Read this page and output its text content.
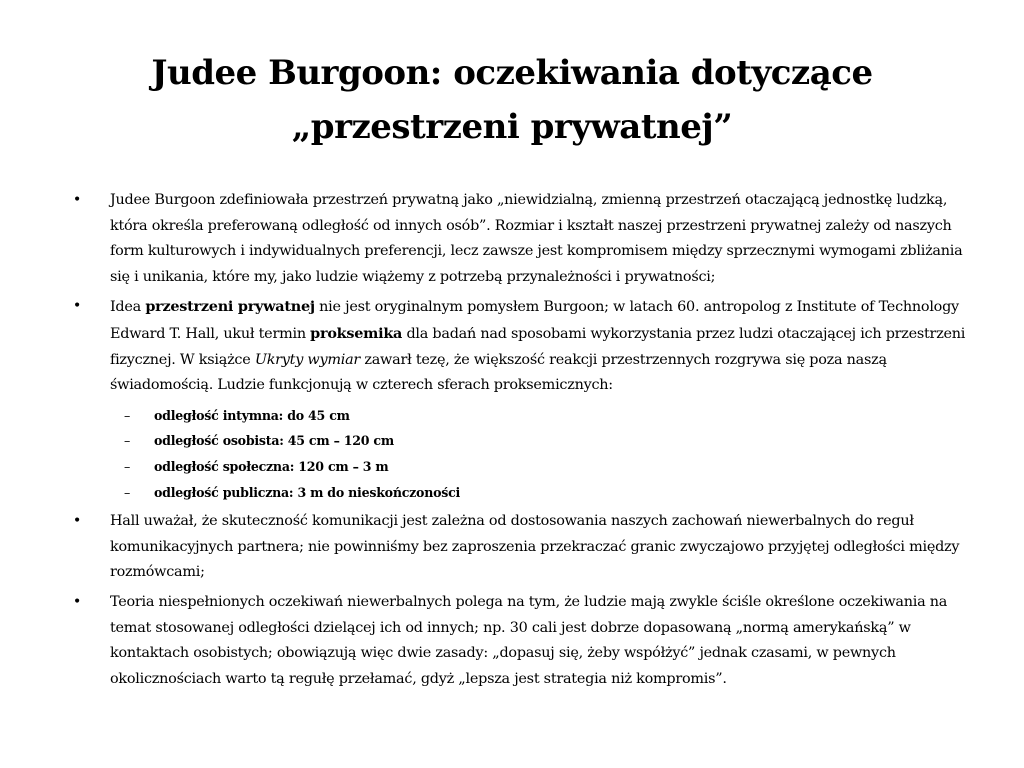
Judee Burgoon: oczekiwania dotyczące
„przestrzeni prywatnej”
• Judee Burgoon zdefiniowała przestrzeń prywatną jako „niewidzialną, zmienną przestrzeń otaczającą jednostkę ludzką, która określa preferowaną odległość od innych osób”. Rozmiar i kształt naszej przestrzeni prywatnej zależy od naszych form kulturowych i indywidualnych preferencji, lecz zawsze jest kompromisem między sprzecznymi wymogami zbliżania się i unikania, które my, jako ludzie wiążemy z potrzebą przynależności i prywatności;
• Idea przestrzeni prywatnej nie jest oryginalnym pomysłem Burgoon; w latach 60. antropolog z Institute of Technology Edward T. Hall, ukuł termin proksemika dla badań nad sposobami wykorzystania przez ludzi otaczającej ich przestrzeni fizycznej. W książce Ukryty wymiar zawarł tezę, że większość reakcji przestrzennych rozgrywa się poza naszą świadomością. Ludzie funkcjonują w czterech sferach proksemicznych:
– odległość intymna: do 45 cm
– odległość osobista: 45 cm – 120 cm
– odległość społeczna: 120 cm – 3 m
– odległość publiczna: 3 m do nieskończoności
• Hall uważał, że skuteczność komunikacji jest zależna od dostosowania naszych zachowań niewerbalnych do reguł komunikacyjnych partnera; nie powinniśmy bez zaproszenia przekraczać granic zwyczajowo przyjętej odległości między rozmówcami;
• Teoria niespełnionych oczekiwań niewerbalnych polega na tym, że ludzie mają zwykle ściśle określone oczekiwania na temat stosowanej odległości dzielącej ich od innych; np. 30 cali jest dobrze dopasowaną „normą amerykańską” w kontaktach osobistych; obowiązują więc dwie zasady: „dopasuj się, żeby współżyć” jednak czasami, w pewnych okolicznościach warto tą regułę przełamać, gdyż „lepsza jest strategia niż kompromis”.
